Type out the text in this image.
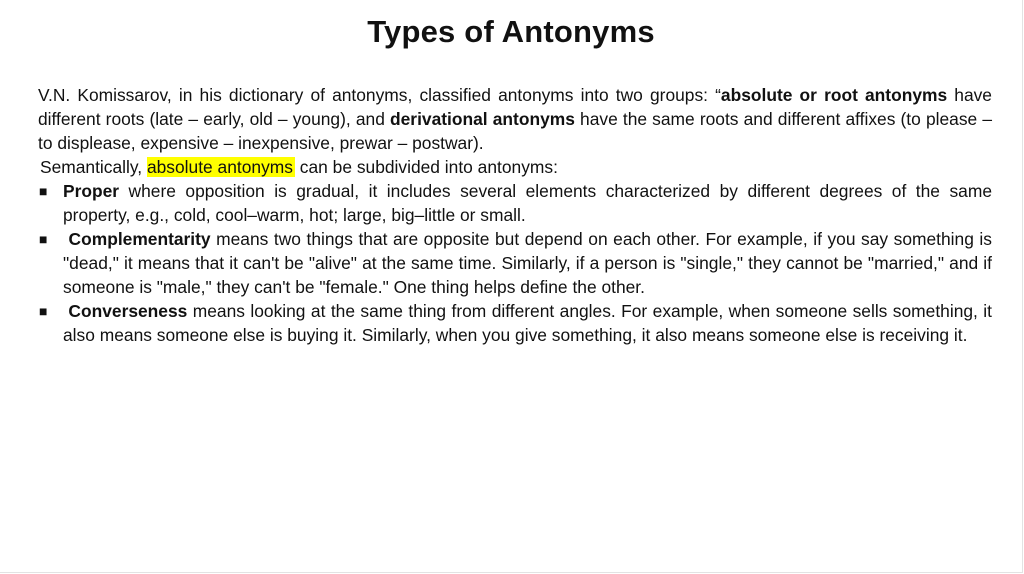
Types of Antonyms

V.N. Komissarov, in his dictionary of antonyms, classified antonyms into two groups: “absolute or root antonyms have different roots (late – early, old – young), and derivational antonyms have the same roots and different affixes (to please – to displease, expensive – inexpensive, prewar – postwar).

Semantically, absolute antonyms can be subdivided into antonyms:

■ Proper where opposition is gradual, it includes several elements characterized by different degrees of the same property, e.g., cold, cool–warm, hot; large, big–little or small.
■	Complementarity means two things that are opposite but depend on each other. For example, if you say something is "dead," it means that it can't be "alive" at the same time. Similarly, if a person is "single," they cannot be "married," and if someone is "male," they can't be "female." One thing helps define the other.
■	Converseness means looking at the same thing from different angles. For example, when someone sells something, it also means someone else is buying it. Similarly, when you give something, it also means someone else is receiving it.
